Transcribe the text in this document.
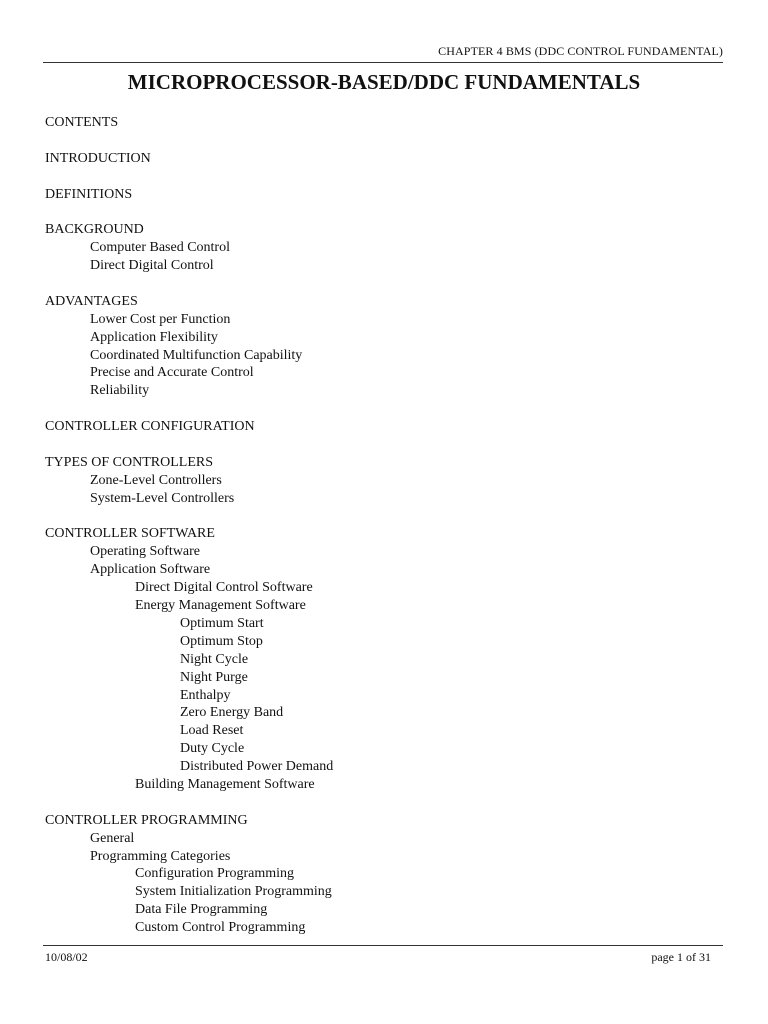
CHAPTER 4 BMS (DDC CONTROL FUNDAMENTAL)
MICROPROCESSOR-BASED/DDC FUNDAMENTALS
CONTENTS
INTRODUCTION
DEFINITIONS
BACKGROUND
Computer Based Control
Direct Digital Control
ADVANTAGES
Lower Cost per Function
Application Flexibility
Coordinated Multifunction Capability
Precise and Accurate Control
Reliability
CONTROLLER CONFIGURATION
TYPES OF CONTROLLERS
Zone-Level Controllers
System-Level Controllers
CONTROLLER SOFTWARE
Operating Software
Application Software
Direct Digital Control Software
Energy Management Software
Optimum Start
Optimum Stop
Night Cycle
Night Purge
Enthalpy
Zero Energy Band
Load Reset
Duty Cycle
Distributed Power Demand
Building Management Software
CONTROLLER PROGRAMMING
General
Programming Categories
Configuration Programming
System Initialization Programming
Data File Programming
Custom Control Programming
10/08/02	page 1 of 31
